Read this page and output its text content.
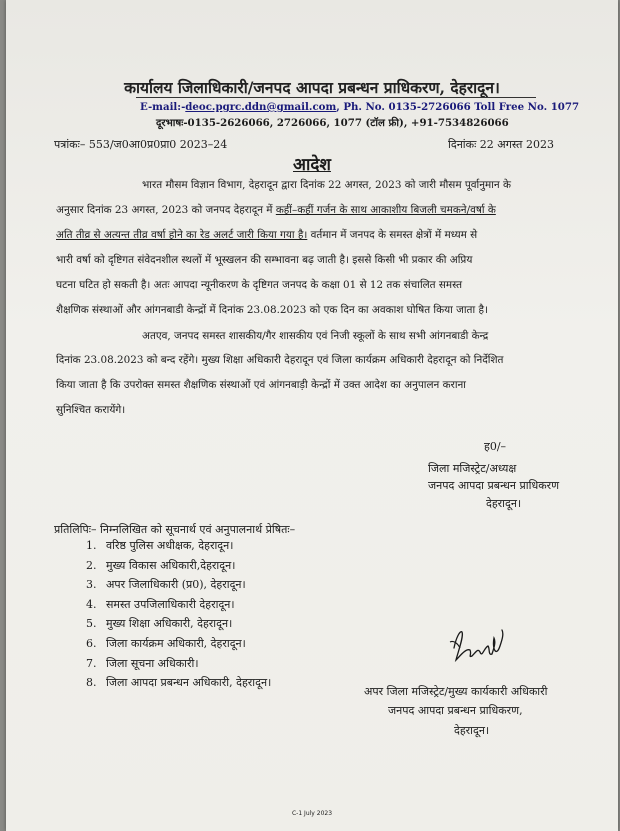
कार्यालय जिलाधिकारी/जनपद आपदा प्रबन्धन प्राधिकरण, देहरादून।
E-mail:-deoc.pgrc.ddn@gmail.com, Ph. No. 0135-2726066 Toll Free No. 1077
दूरभाषः-0135-2626066, 2726066, 1077 (टॉल फ्री), +91-7534826066
पत्रांकः– 553/ज0आ0प्र0प्रा0 2023–24	दिनांकः 22 अगस्त 2023
आदेश
भारत मौसम विज्ञान विभाग, देहरादून द्वारा दिनांक 22 अगस्त, 2023 को जारी मौसम पूर्वानुमान के
अनुसार दिनांक 23 अगस्त, 2023 को जनपद देहरादून में कहीं–कहीं गर्जन के साथ आकाशीय बिजली चमकने/वर्षा के
अति तीव्र से अत्यन्त तीव्र वर्षा होने का रेड अलर्ट जारी किया गया है। वर्तमान में जनपद के समस्त क्षेत्रों में मध्यम से
भारी वर्षा को दृष्टिगत संवेदनशील स्थलों में भूस्खलन की सम्भावना बढ़ जाती है। इससे किसी भी प्रकार की अप्रिय
घटना घटित हो सकती है। अतः आपदा न्यूनीकरण के दृष्टिगत जनपद के कक्षा 01 से 12 तक संचालित समस्त
शैक्षणिक संस्थाओं और आंगनबाडी केन्द्रों में दिनांक 23.08.2023 को एक दिन का अवकाश घोषित किया जाता है।
अतएव, जनपद समस्त शासकीय/गैर शासकीय एवं निजी स्कूलों के साथ सभी आंगनबाडी केन्द्र
दिनांक 23.08.2023 को बन्द रहेंगे। मुख्य शिक्षा अधिकारी देहरादून एवं जिला कार्यक्रम अधिकारी देहरादून को निर्देशित
किया जाता है कि उपरोक्त समस्त शैक्षणिक संस्थाओं एवं आंगनबाड़ी केन्द्रों में उक्त आदेश का अनुपालन कराना
सुनिश्चित करायेंगे।
ह0/–
जिला मजिस्ट्रेट/अध्यक्ष
जनपद आपदा प्रबन्धन प्राधिकरण
देहरादून।
प्रतिलिपिः– निम्नलिखित को सूचनार्थ एवं अनुपालनार्थ प्रेषितः–
1. वरिष्ठ पुलिस अधीक्षक, देहरादून।
2. मुख्य विकास अधिकारी,देहरादून।
3. अपर जिलाधिकारी (प्र0), देहरादून।
4. समस्त उपजिलाधिकारी देहरादून।
5. मुख्य शिक्षा अधिकारी, देहरादून।
6. जिला कार्यक्रम अधिकारी, देहरादून।
7. जिला सूचना अधिकारी।
8. जिला आपदा प्रबन्धन अधिकारी, देहरादून।
अपर जिला मजिस्ट्रेट/मुख्य कार्यकारी अधिकारी
जनपद आपदा प्रबन्धन प्राधिकरण,
देहरादून।
C-1 July 2023
